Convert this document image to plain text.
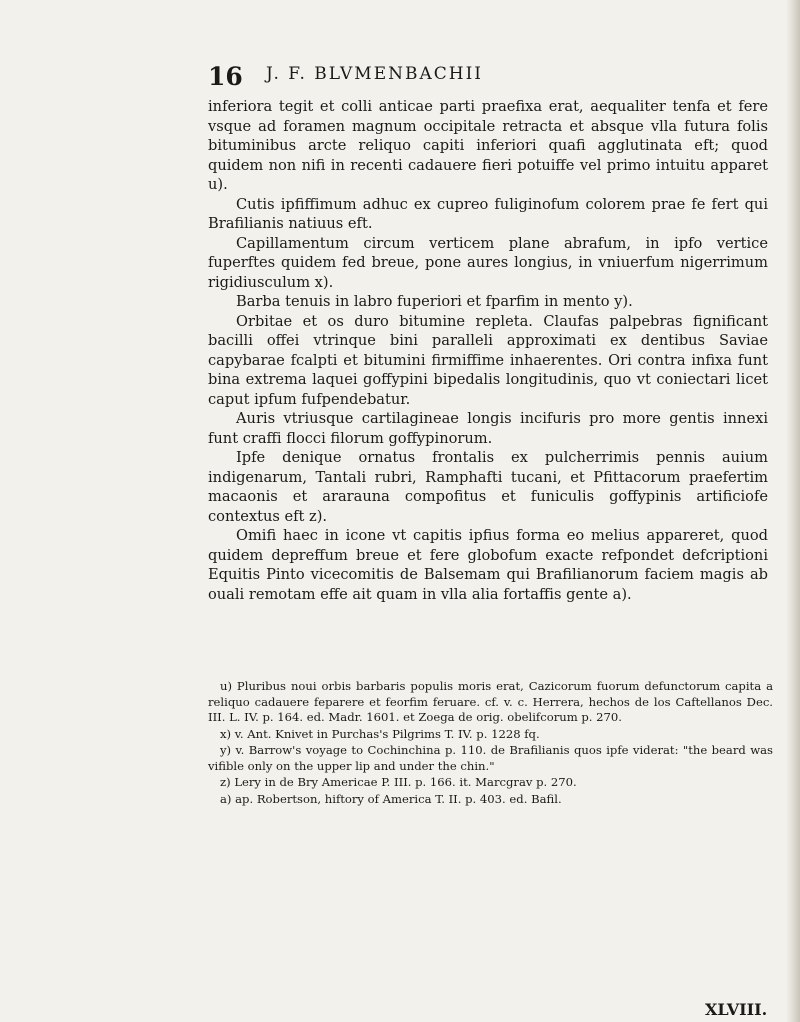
16 J. F. BLVMENBACHII

inferiora tegit et colli anticae parti praefixa erat, aequaliter tenfa et fere vsque ad foramen magnum occipitale retracta et absque vlla futura folis bituminibus arcte reliquo capiti inferiori quafi agglutinata eft; quod quidem non nifi in recenti cadauere fieri potuiffe vel primo intuitu apparet u).

Cutis ipfiffimum adhuc ex cupreo fuliginofum colorem prae fe fert qui Brafilianis natiuus eft.

Capillamentum circum verticem plane abrafum, in ipfo vertice fuperftes quidem fed breue, pone aures longius, in vniuerfum nigerrimum rigidiusculum x).

Barba tenuis in labro fuperiori et fparfim in mento y).

Orbitae et os duro bitumine repleta. Claufas palpebras fignificant bacilli offei vtrinque bini paralleli approximati ex dentibus Saviae capybarae fcalpti et bitumini firmiffime inhaerentes. Ori contra infixa funt bina extrema laquei goffypini bipedalis longitudinis, quo vt coniectari licet caput ipfum fufpendebatur.

Auris vtriusque cartilagineae longis incifuris pro more gentis innexi funt craffi flocci filorum goffypinorum.

Ipfe denique ornatus frontalis ex pulcherrimis pennis auium indigenarum, Tantali rubri, Ramphafti tucani, et Pfittacorum praefertim macaonis et ararauna compofitus et funiculis goffypinis artificiofe contextus eft z).

Omifi haec in icone vt capitis ipfius forma eo melius appareret, quod quidem depreffum breue et fere globofum exacte refpondet defcriptioni Equitis Pinto vicecomitis de Balsemam qui Brafilianorum faciem magis ab ouali remotam effe ait quam in vlla alia fortaffis gente a).

u) Pluribus noui orbis barbaris populis moris erat, Cazicorum fuorum defunctorum capita a reliquo cadauere feparere et feorfim feruare. cf. v. c. Herrera, hechos de los Caftellanos Dec. III. L. IV. p. 164. ed. Madr. 1601. et Zoega de orig. obelifcorum p. 270.

x) v. Ant. Knivet in Purchas's Pilgrims T. IV. p. 1228 fq.

y) v. Barrow's voyage to Cochinchina p. 110. de Brafilianis quos ipfe viderat: "the beard was vifible only on the upper lip and under the chin."

z) Lery in de Bry Americae P. III. p. 166. it. Marcgrav p. 270.

a) ap. Robertson, hiftory of America T. II. p. 403. ed. Bafil.

XLVIII.
